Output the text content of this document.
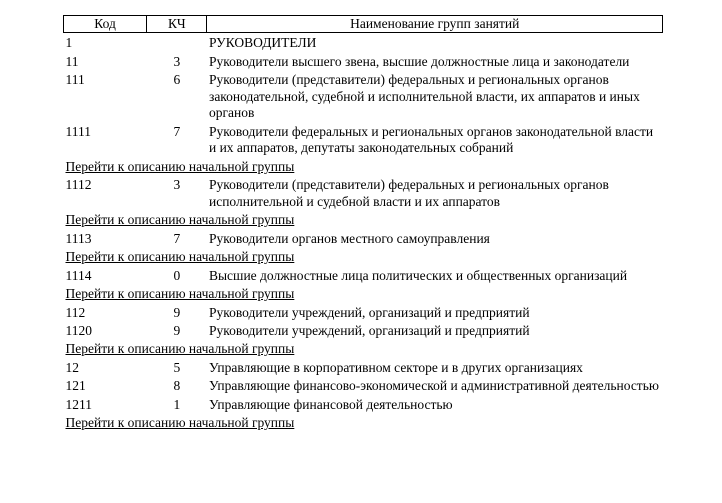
Код	КЧ	Наименование групп занятий
1		РУКОВОДИТЕЛИ
11	3	Руководители высшего звена, высшие должностные лица и законодатели
111	6	Руководители (представители) федеральных и региональных органов законодательной, судебной и исполнительной власти, их аппаратов и иных органов
1111	7	Руководители федеральных и региональных органов законодательной власти и их аппаратов, депутаты законодательных собраний
Перейти к описанию начальной группы		
1112	3	Руководители (представители) федеральных и региональных органов исполнительной и судебной власти и их аппаратов
Перейти к описанию начальной группы		
1113	7	Руководители органов местного самоуправления
Перейти к описанию начальной группы		
1114	0	Высшие должностные лица политических и общественных организаций
Перейти к описанию начальной группы		
112	9	Руководители учреждений, организаций и предприятий
1120	9	Руководители учреждений, организаций и предприятий
Перейти к описанию начальной группы		
12	5	Управляющие в корпоративном секторе и в других организациях
121	8	Управляющие финансово-экономической и административной деятельностью
1211	1	Управляющие финансовой деятельностью
Перейти к описанию начальной группы		
